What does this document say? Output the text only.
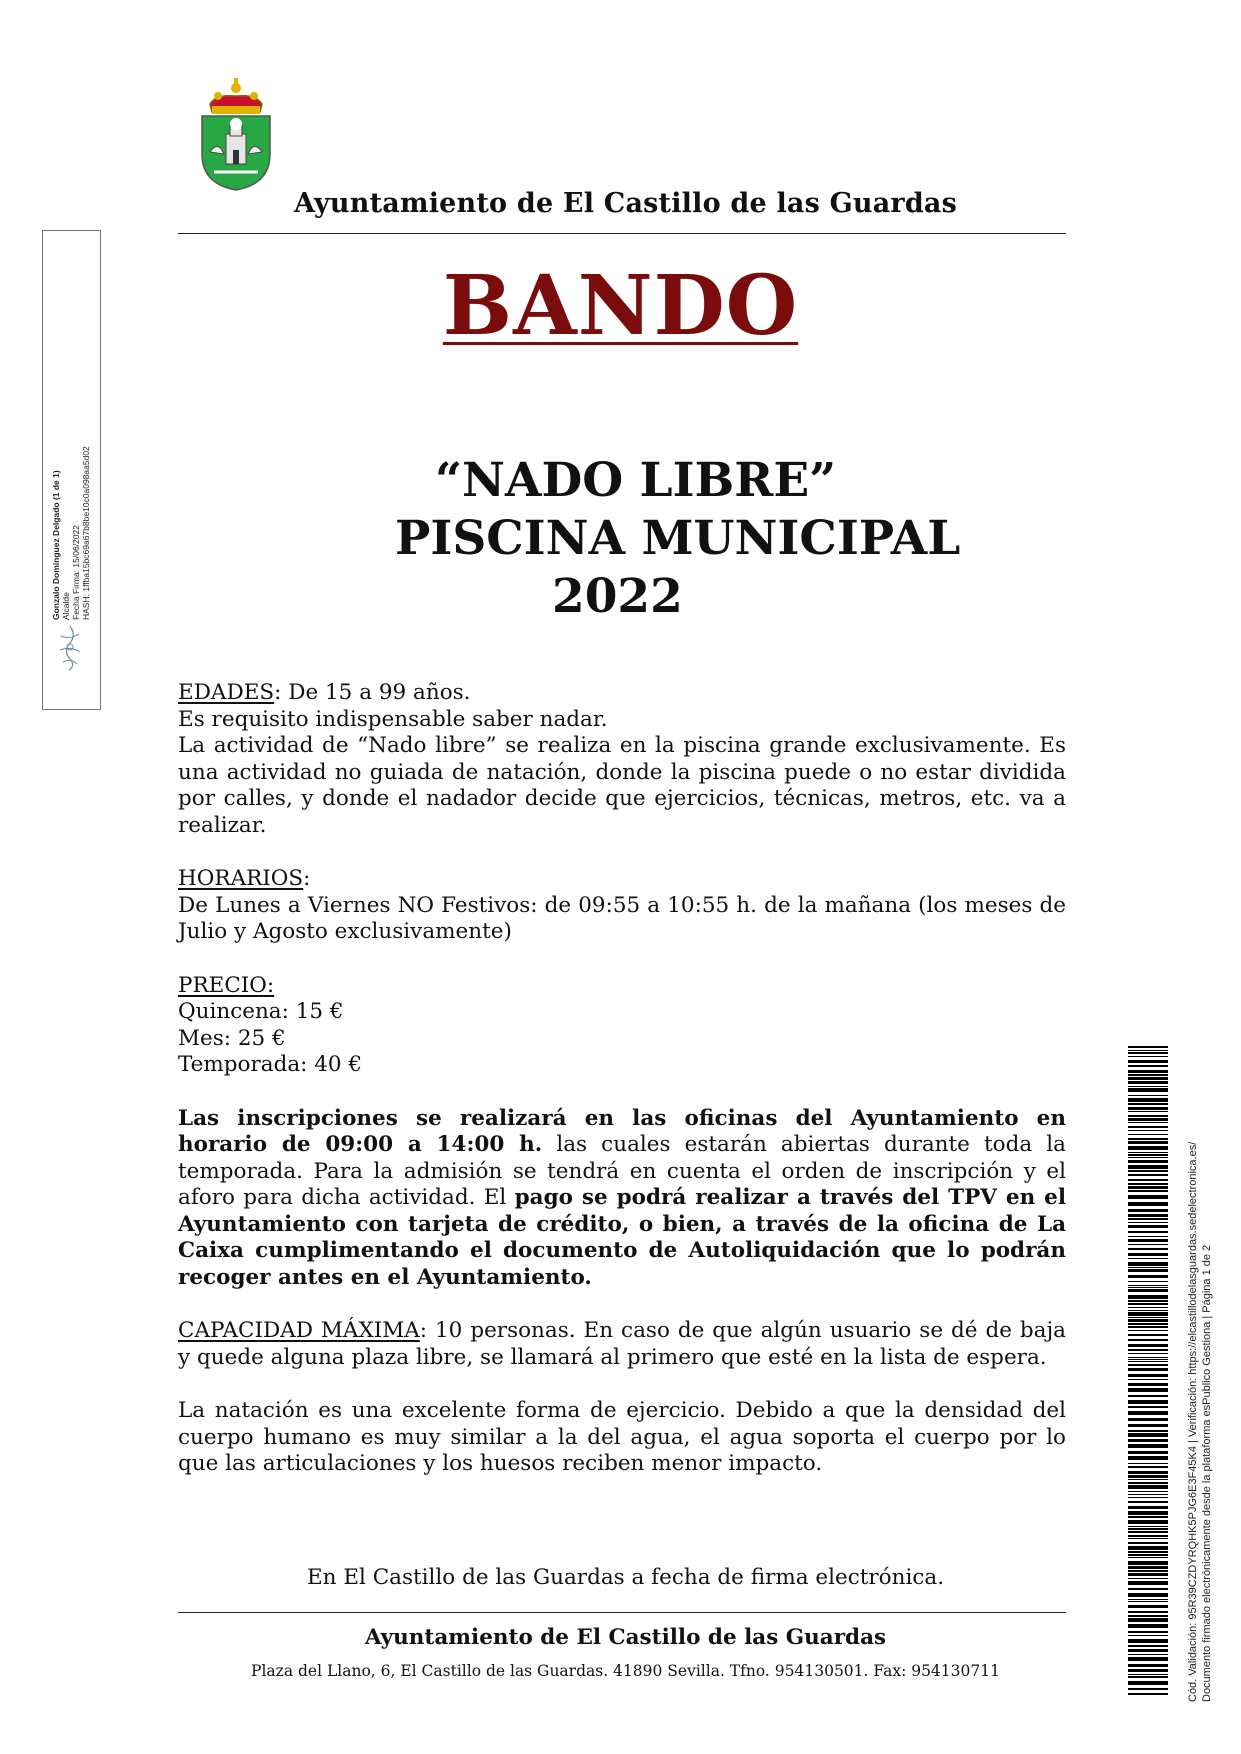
Ayuntamiento de El Castillo de las Guardas
BANDO
“NADO LIBRE”
PISCINA MUNICIPAL
2022

EDADES: De 15 a 99 años.

Es requisito indispensable saber nadar.

La actividad de “Nado libre” se realiza en la piscina grande exclusivamente. Es una actividad no guiada de natación, donde la piscina puede o no estar dividida por calles, y donde el nadador decide que ejercicios, técnicas, metros, etc. va a realizar.

HORARIOS:

De Lunes a Viernes NO Festivos: de 09:55 a 10:55 h. de la mañana (los meses de Julio y Agosto exclusivamente)

PRECIO:

Quincena: 15 €

Mes: 25 €

Temporada: 40 €

Las inscripciones se realizará en las oficinas del Ayuntamiento en horario de 09:00 a 14:00 h. las cuales estarán abiertas durante toda la temporada. Para la admisión se tendrá en cuenta el orden de inscripción y el aforo para dicha actividad. El pago se podrá realizar a través del TPV en el Ayuntamiento con tarjeta de crédito, o bien, a través de la oficina de La Caixa cumplimentando el documento de Autoliquidación que lo podrán recoger antes en el Ayuntamiento.

CAPACIDAD MÁXIMA: 10 personas. En caso de que algún usuario se dé de baja y quede alguna plaza libre, se llamará al primero que esté en la lista de espera.

La natación es una excelente forma de ejercicio. Debido a que la densidad del cuerpo humano es muy similar a la del agua, el agua soporta el cuerpo por lo que las articulaciones y los huesos reciben menor impacto.

En El Castillo de las Guardas a fecha de firma electrónica.
Ayuntamiento de El Castillo de las Guardas
Plaza del Llano, 6, El Castillo de las Guardas. 41890 Sevilla. Tfno. 954130501. Fax: 954130711
Gonzalo Domínguez Delgado (1 de 1) Alcalde Fecha Firma: 15/06/2022 HASH: 1ffba15bc69a67b8be10c0a098aa5d02
Cód. Validación: 95R39CZDYRQHK5PJG6E3F45K4 | Verificación: https://elcastillodelasguardas.sedelectronica.es/ Documento firmado electrónicamente desde la plataforma esPublico Gestiona | Página 1 de 2
